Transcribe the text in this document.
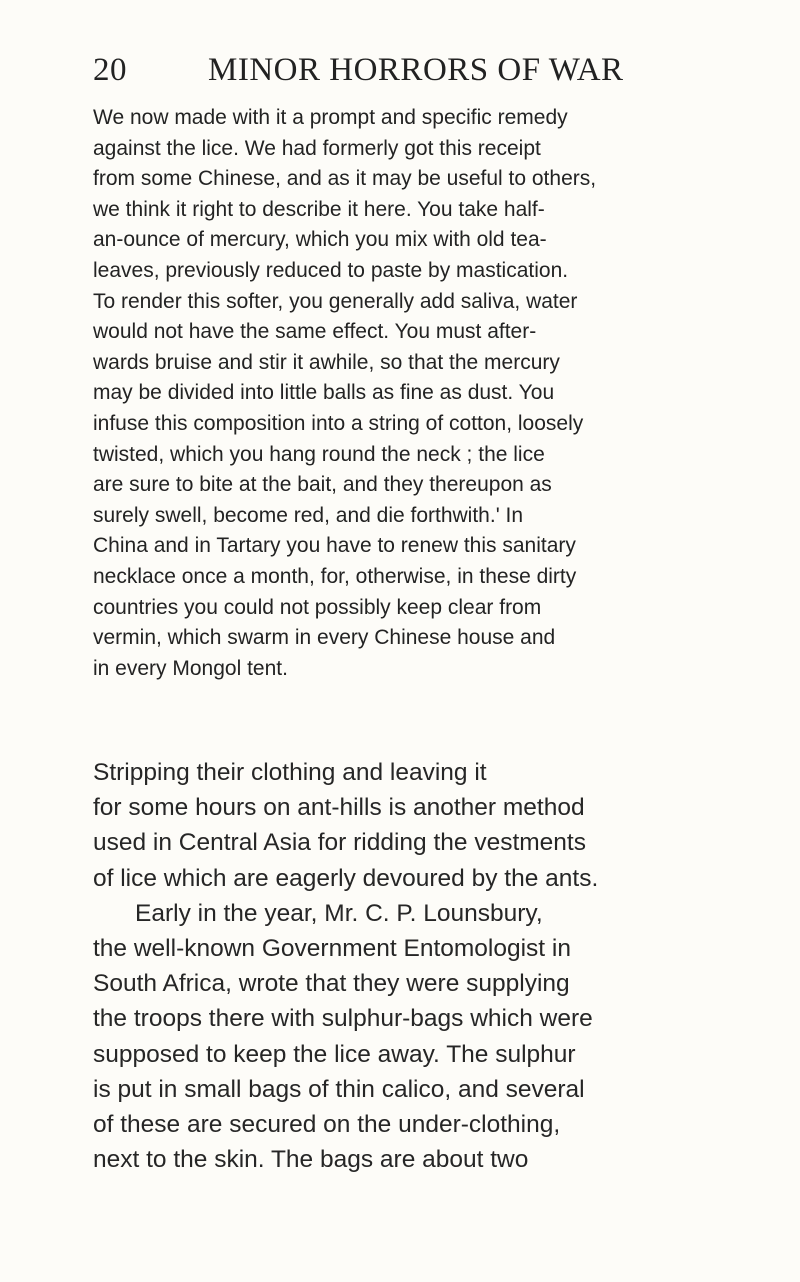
20 MINOR HORRORS OF WAR
We now made with it a prompt and specific remedy
against the lice. We had formerly got this receipt
from some Chinese, and as it may be useful to others,
we think it right to describe it here. You take half-
an-ounce of mercury, which you mix with old tea-
leaves, previously reduced to paste by mastication.
To render this softer, you generally add saliva, water
would not have the same effect. You must after-
wards bruise and stir it awhile, so that the mercury
may be divided into little balls as fine as dust. You
infuse this composition into a string of cotton, loosely
twisted, which you hang round the neck ; the lice
are sure to bite at the bait, and they thereupon as
surely swell, become red, and die forthwith.' In
China and in Tartary you have to renew this sanitary
necklace once a month, for, otherwise, in these dirty
countries you could not possibly keep clear from
vermin, which swarm in every Chinese house and
in every Mongol tent.
Stripping their clothing and leaving it
for some hours on ant-hills is another method
used in Central Asia for ridding the vestments
of lice which are eagerly devoured by the ants.
Early in the year, Mr. C. P. Lounsbury,
the well-known Government Entomologist in
South Africa, wrote that they were supplying
the troops there with sulphur-bags which were
supposed to keep the lice away. The sulphur
is put in small bags of thin calico, and several
of these are secured on the under-clothing,
next to the skin. The bags are about two
